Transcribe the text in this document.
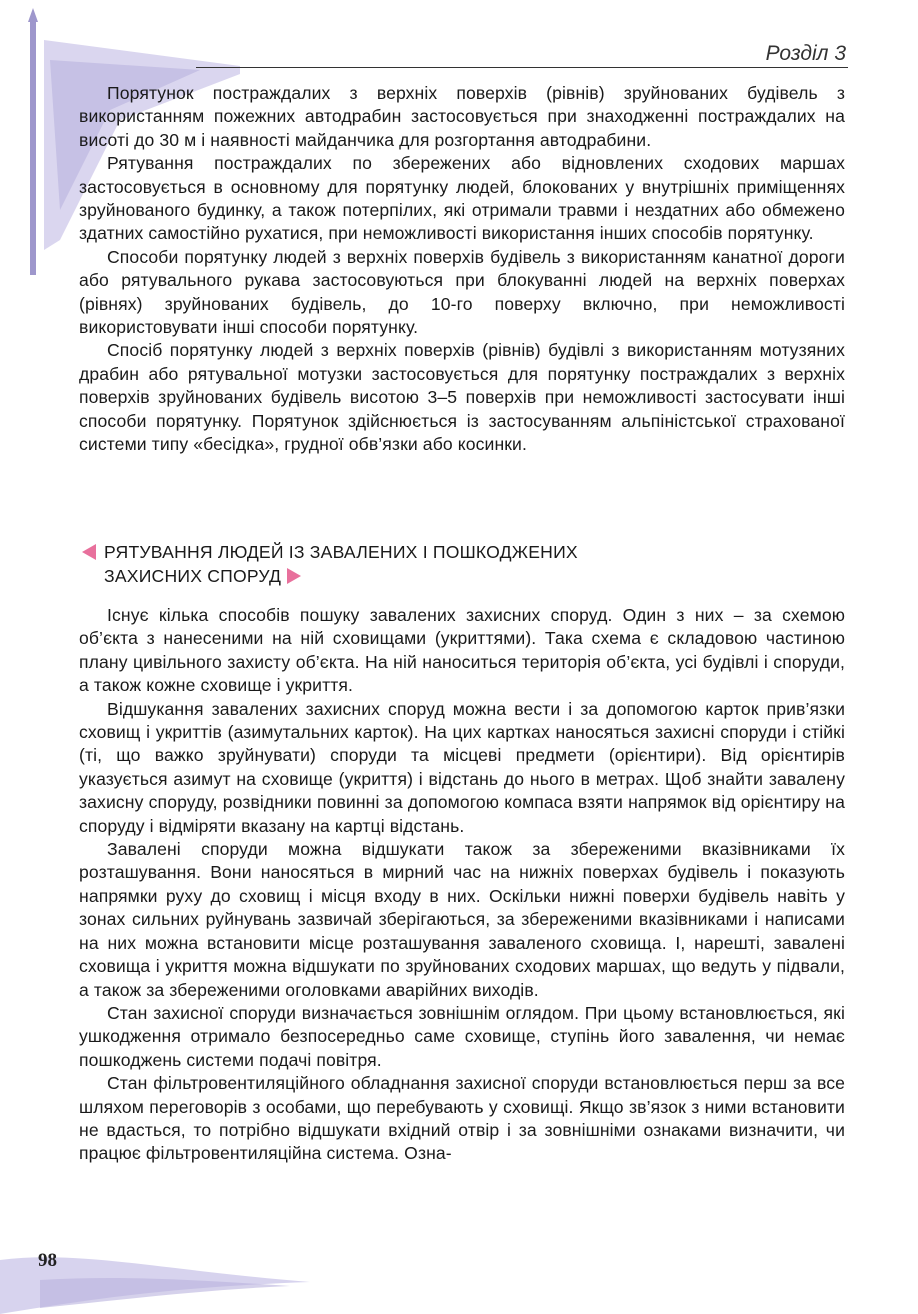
Розділ 3

Порятунок постраждалих з верхніх поверхів (рівнів) зруйнованих будівель з використанням пожежних автодрабин застосовується при знаходженні постраждалих на висоті до 30 м і наявності майданчика для розгортання автодрабини.

Рятування постраждалих по збережених або відновлених сходових маршах застосовується в основному для порятунку людей, блокованих у внутрішніх приміщеннях зруйнованого будинку, а також потерпілих, які отримали травми і нездатних або обмежено здатних самостійно рухатися, при неможливості використання інших способів порятунку.

Способи порятунку людей з верхніх поверхів будівель з використанням канатної дороги або рятувального рукава застосовуються при блокуванні людей на верхніх поверхах (рівнях) зруйнованих будівель, до 10-го поверху включно, при неможливості використовувати інші способи порятунку.

Спосіб порятунку людей з верхніх поверхів (рівнів) будівлі з використанням мотузяних драбин або рятувальної мотузки застосовується для порятунку постраждалих з верхніх поверхів зруйнованих будівель висотою 3–5 поверхів при неможливості застосувати інші способи порятунку. Порятунок здійснюється із застосуванням альпіністської страхованої системи типу «бесідка», грудної обв’язки або косинки.

РЯТУВАННЯ ЛЮДЕЙ ІЗ ЗАВАЛЕНИХ І ПОШКОДЖЕНИХ
ЗАХИСНИХ СПОРУД

Існує кілька способів пошуку завалених захисних споруд. Один з них – за схемою об’єкта з нанесеними на ній сховищами (укриттями). Така схема є складовою частиною плану цивільного захисту об’єкта. На ній наноситься територія об’єкта, усі будівлі і споруди, а також кожне сховище і укриття.

Відшукання завалених захисних споруд можна вести і за допомогою карток прив’язки сховищ і укриттів (азимутальних карток). На цих картках наносяться захисні споруди і стійкі (ті, що важко зруйнувати) споруди та місцеві предмети (орієнтири). Від орієнтирів указується азимут на сховище (укриття) і відстань до нього в метрах. Щоб знайти завалену захисну споруду, розвідники повинні за допомогою компаса взяти напрямок від орієнтиру на споруду і відміряти вказану на картці відстань.

Завалені споруди можна відшукати також за збереженими вказівниками їх розташування. Вони наносяться в мирний час на нижніх поверхах будівель і показують напрямки руху до сховищ і місця входу в них. Оскільки нижні поверхи будівель навіть у зонах сильних руйнувань зазвичай зберігаються, за збереженими вказівниками і написами на них можна встановити місце розташування заваленого сховища. І, нарешті, завалені сховища і укриття можна відшукати по зруйнованих сходових маршах, що ведуть у підвали, а також за збереженими оголовками аварійних виходів.

Стан захисної споруди визначається зовнішнім оглядом. При цьому встановлюється, які ушкодження отримало безпосередньо саме сховище, ступінь його завалення, чи немає пошкоджень системи подачі повітря.

Стан фільтровентиляційного обладнання захисної споруди встановлюється перш за все шляхом переговорів з особами, що перебувають у сховищі. Якщо зв’язок з ними встановити не вдасться, то потрібно відшукати вхідний отвір і за зовнішніми ознаками визначити, чи працює фільтровентиляційна система. Озна-

98
